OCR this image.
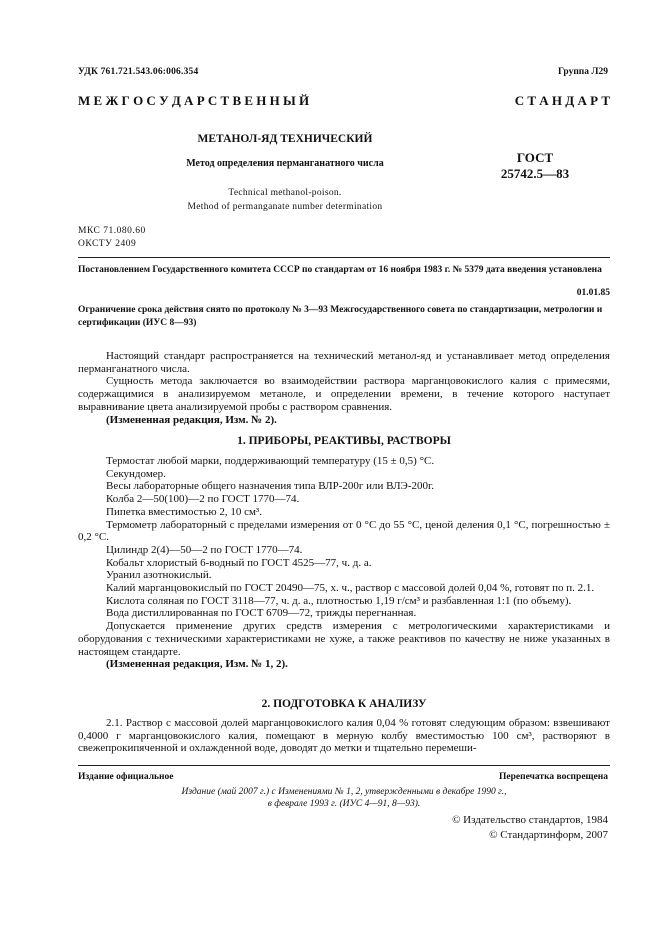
УДК 761.721.543.06:006.354	Группа Л29
М Е Ж Г О С У Д А Р С Т В Е Н Н Ы Й	С Т А Н Д А Р Т
МЕТАНОЛ-ЯД ТЕХНИЧЕСКИЙ
Метод определения перманганатного числа	ГОСТ
25742.5—83
Technical methanol-poison.
Method of permanganate number determination
МКС 71.080.60
ОКСТУ 2409
Постановлением Государственного комитета СССР по стандартам от 16 ноября 1983 г. № 5379 дата введения установлена
01.01.85
Ограничение срока действия снято по протоколу № 3—93 Межгосударственного совета по стандартизации, метрологии и сертификации (ИУС 8—93)

Настоящий стандарт распространяется на технический метанол-яд и устанавливает метод определения перманганатного числа.

Сущность метода заключается во взаимодействии раствора марганцовокислого калия с примесями, содержащимися в анализируемом метаноле, и определении времени, в течение которого наступает выравнивание цвета анализируемой пробы с раствором сравнения.

(Измененная редакция, Изм. № 2).

1. ПРИБОРЫ, РЕАКТИВЫ, РАСТВОРЫ

Термостат любой марки, поддерживающий температуру (15 ± 0,5) °С.

Секундомер.

Весы лабораторные общего назначения типа ВЛР-200г или ВЛЭ-200г.

Колба 2—50(100)—2 по ГОСТ 1770—74.

Пипетка вместимостью 2, 10 см³.

Термометр лабораторный с пределами измерения от 0 °С до 55 °С, ценой деления 0,1 °С, погрешностью ± 0,2 °С.

Цилиндр 2(4)—50—2 по ГОСТ 1770—74.

Кобальт хлористый 6-водный по ГОСТ 4525—77, ч. д. а.

Уранил азотнокислый.

Калий марганцовокислый по ГОСТ 20490—75, х. ч., раствор с массовой долей 0,04 %, готовят по п. 2.1.

Кислота соляная по ГОСТ 3118—77, ч. д. а., плотностью 1,19 г/см³ и разбавленная 1:1 (по объему).

Вода дистиллированная по ГОСТ 6709—72, трижды перегнанная.

Допускается применение других средств измерения с метрологическими характеристиками и оборудования с техническими характеристиками не хуже, а также реактивов по качеству не ниже указанных в настоящем стандарте.

(Измененная редакция, Изм. № 1, 2).

2. ПОДГОТОВКА К АНАЛИЗУ

2.1. Раствор с массовой долей марганцовокислого калия 0,04 % готовят следующим образом: взвешивают 0,4000 г марганцовокислого калия, помещают в мерную колбу вместимостью 100 см³, растворяют в свежепрокипяченной и охлажденной воде, доводят до метки и тщательно перемеши-

Издание официальное	Перепечатка воспрещена
Издание (май 2007 г.) с Изменениями № 1, 2, утвержденными в декабре 1990 г.,
в феврале 1993 г. (ИУС 4—91, 8—93).
© Издательство стандартов, 1984
© Стандартинформ, 2007
